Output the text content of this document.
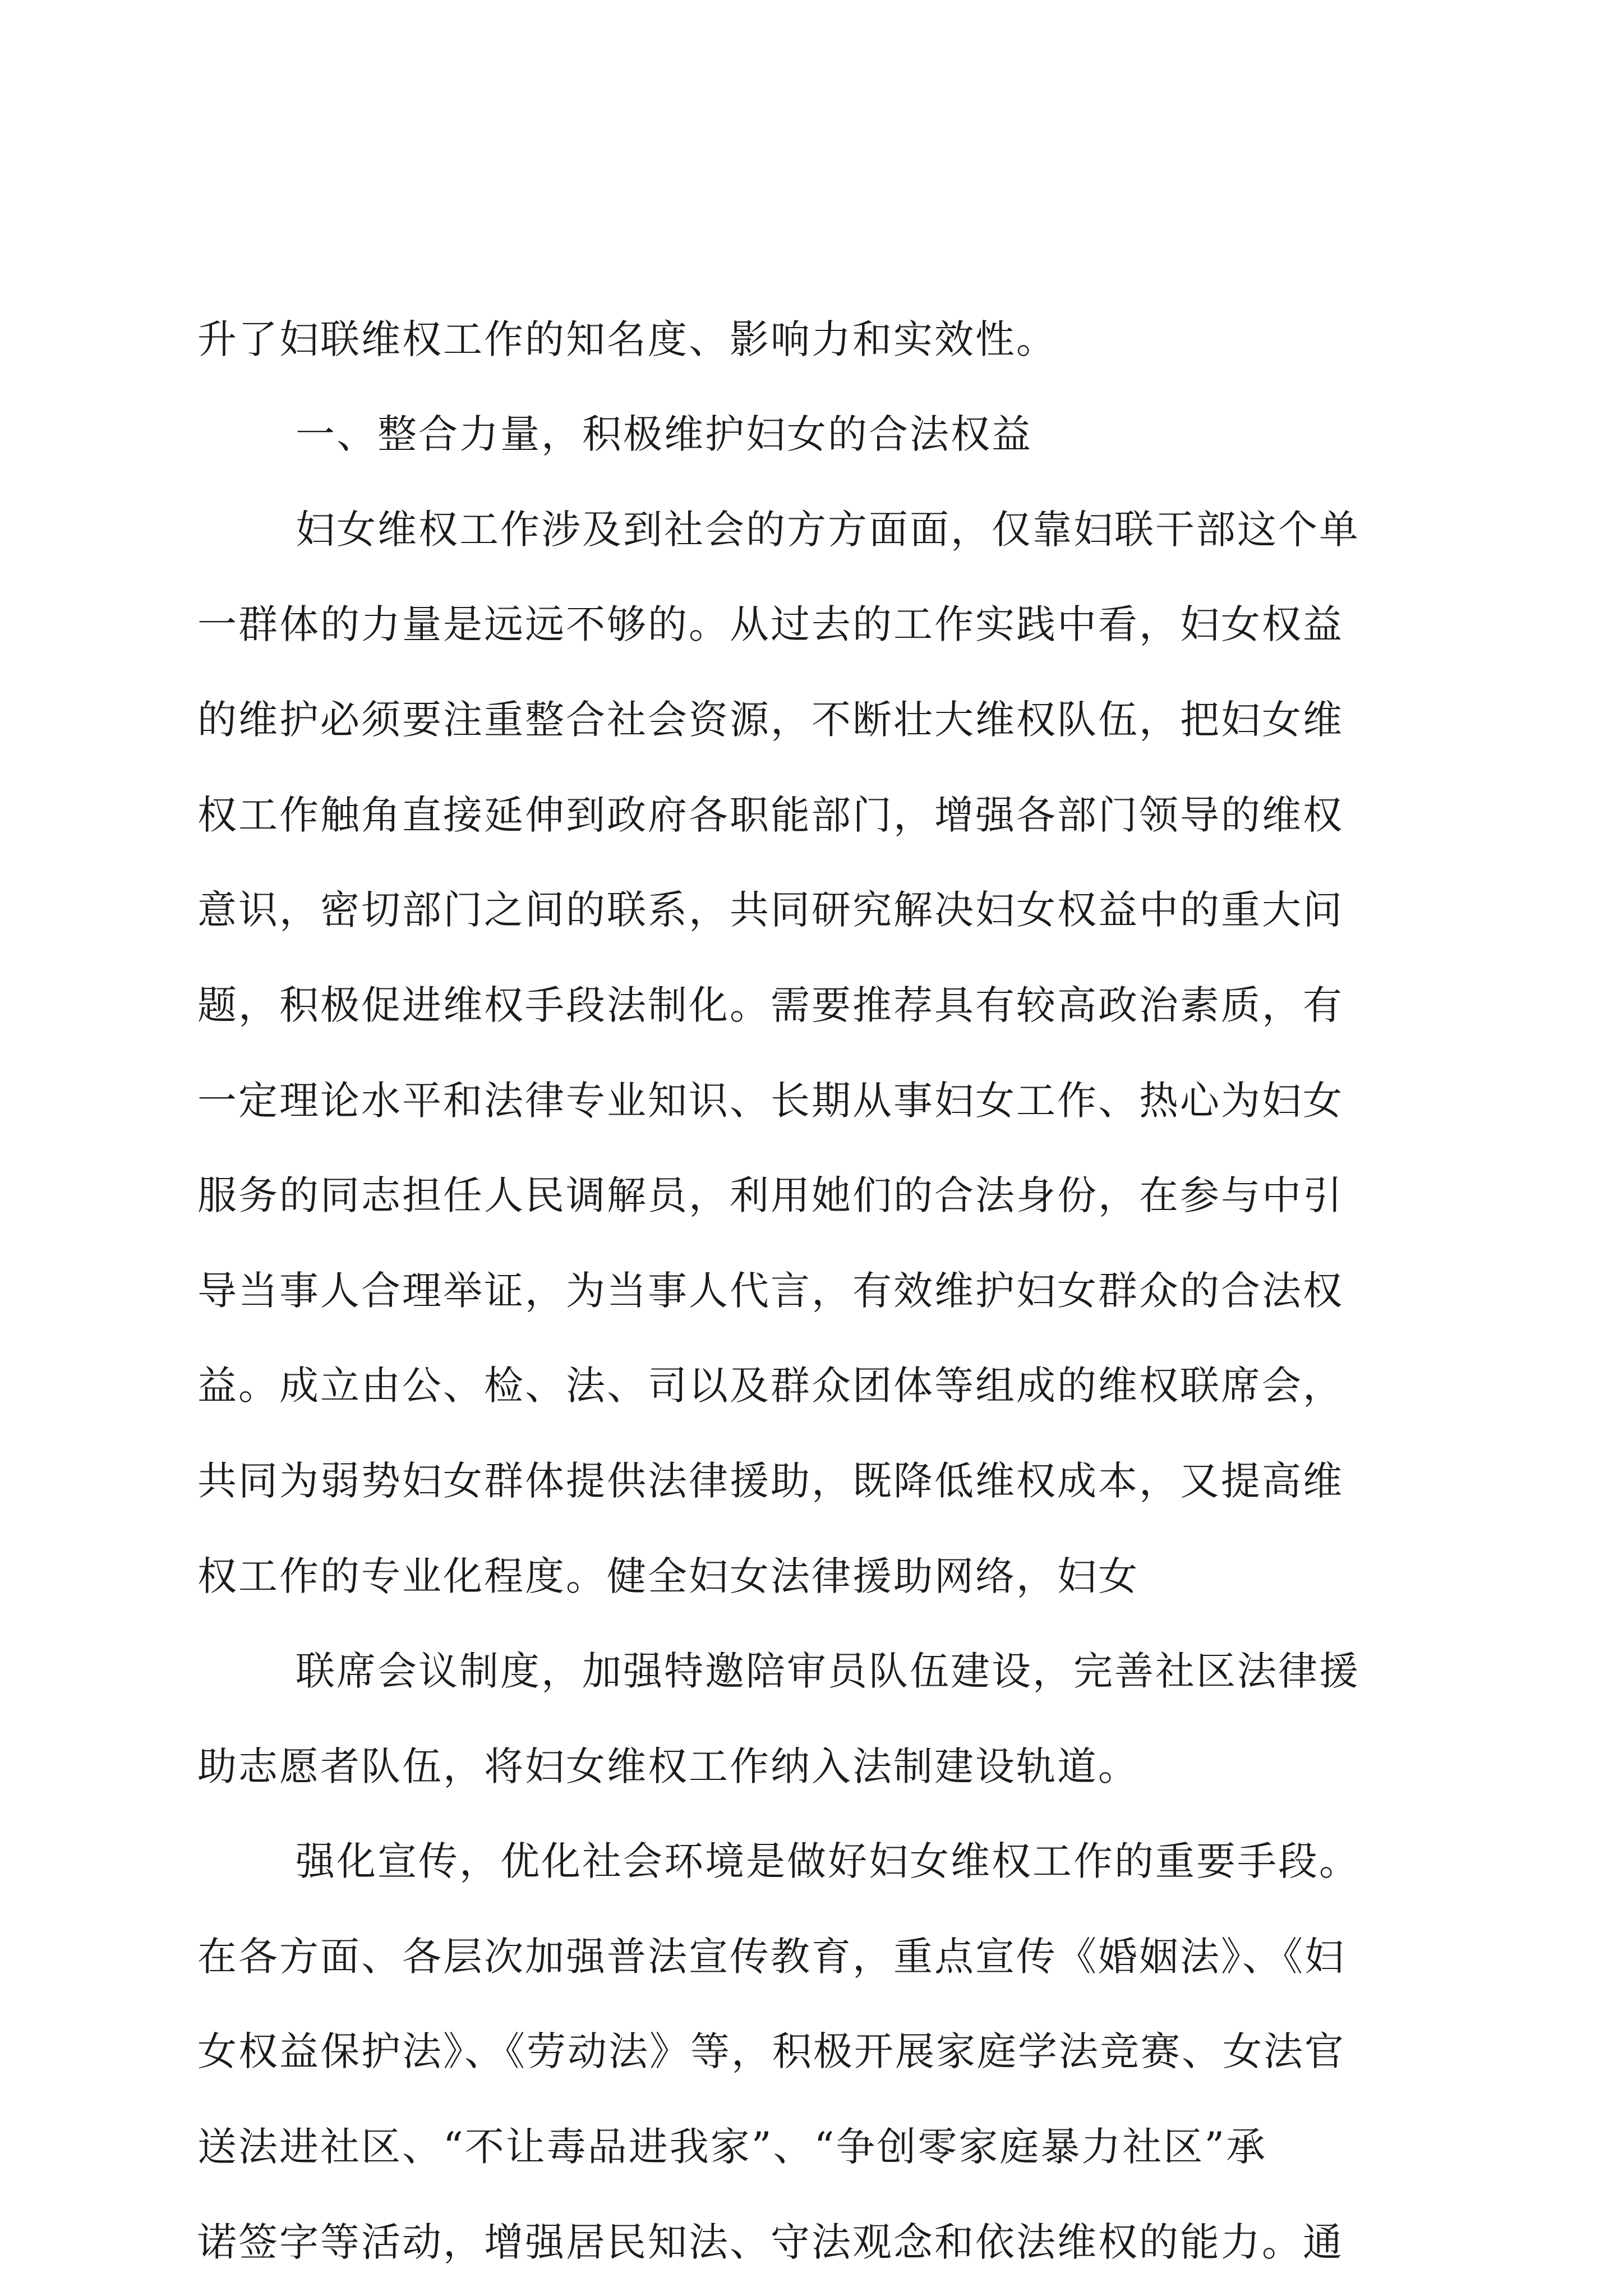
升了妇联维权工作的知名度、影响力和实效性。
一、整合力量，积极维护妇女的合法权益
妇女维权工作涉及到社会的方方面面，仅靠妇联干部这个单
一群体的力量是远远不够的。从过去的工作实践中看，妇女权益
的维护必须要注重整合社会资源，不断壮大维权队伍，把妇女维
权工作触角直接延伸到政府各职能部门，增强各部门领导的维权
意识，密切部门之间的联系，共同研究解决妇女权益中的重大问
题，积极促进维权手段法制化。需要推荐具有较高政治素质，有
一定理论水平和法律专业知识、长期从事妇女工作、热心为妇女
服务的同志担任人民调解员，利用她们的合法身份，在参与中引
导当事人合理举证，为当事人代言，有效维护妇女群众的合法权
益。成立由公、检、法、司以及群众团体等组成的维权联席会，
共同为弱势妇女群体提供法律援助，既降低维权成本，又提高维
权工作的专业化程度。健全妇女法律援助网络，妇女
联席会议制度，加强特邀陪审员队伍建设，完善社区法律援
助志愿者队伍，将妇女维权工作纳入法制建设轨道。
强化宣传，优化社会环境是做好妇女维权工作的重要手段。
在各方面、各层次加强普法宣传教育，重点宣传《婚姻法》、《妇
女权益保护法》、《劳动法》等，积极开展家庭学法竞赛、女法官
送法进社区、“不让毒品进我家”、“争创零家庭暴力社区”承
诺签字等活动，增强居民知法、守法观念和依法维权的能力。通
